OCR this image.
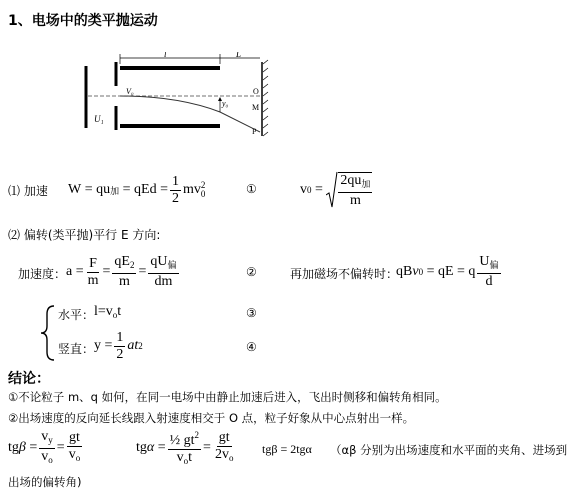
1、电场中的类平抛运动
l	L
y₀
O
M
P
V₀
U₁
⑴ 加速 W
=
qu 加
= qEd = $\frac{1}{2}$ mv 2
0	①	v 0
=
$\frac{2qu_加}{m}$
⑵ 偏转(类平抛)平行 E 方向:
加速度： $a = \frac{F}{m} = \frac{qE_2}{m} = \frac{qU_偏}{dm}$	②	再加磁场不偏转时：
qB v 0
= qE = q $\frac{U_偏}{d}$
水平： $l=v_ot$	③
竖直： $y = \frac{1}{2}$ at 2	④
结论：
①不论粒子 m、q 如何，在同一电场中由静止加速后进入，飞出时侧移和偏转角相同。
②出场速度的反向延长线跟入射速度相交于 O 点，粒子好象从中心点射出一样。
tg β
= $\frac{v_y}{v_o} = \frac{gt}{v_o}$	tg α
= $\frac{\frac{1}{2} gt^2}{v_ot} = \frac{gt}{2v_o}$ tgβ = 2tgα （αβ 分别为出场速度和水平面的夹角、进场到
出场的偏转角)
